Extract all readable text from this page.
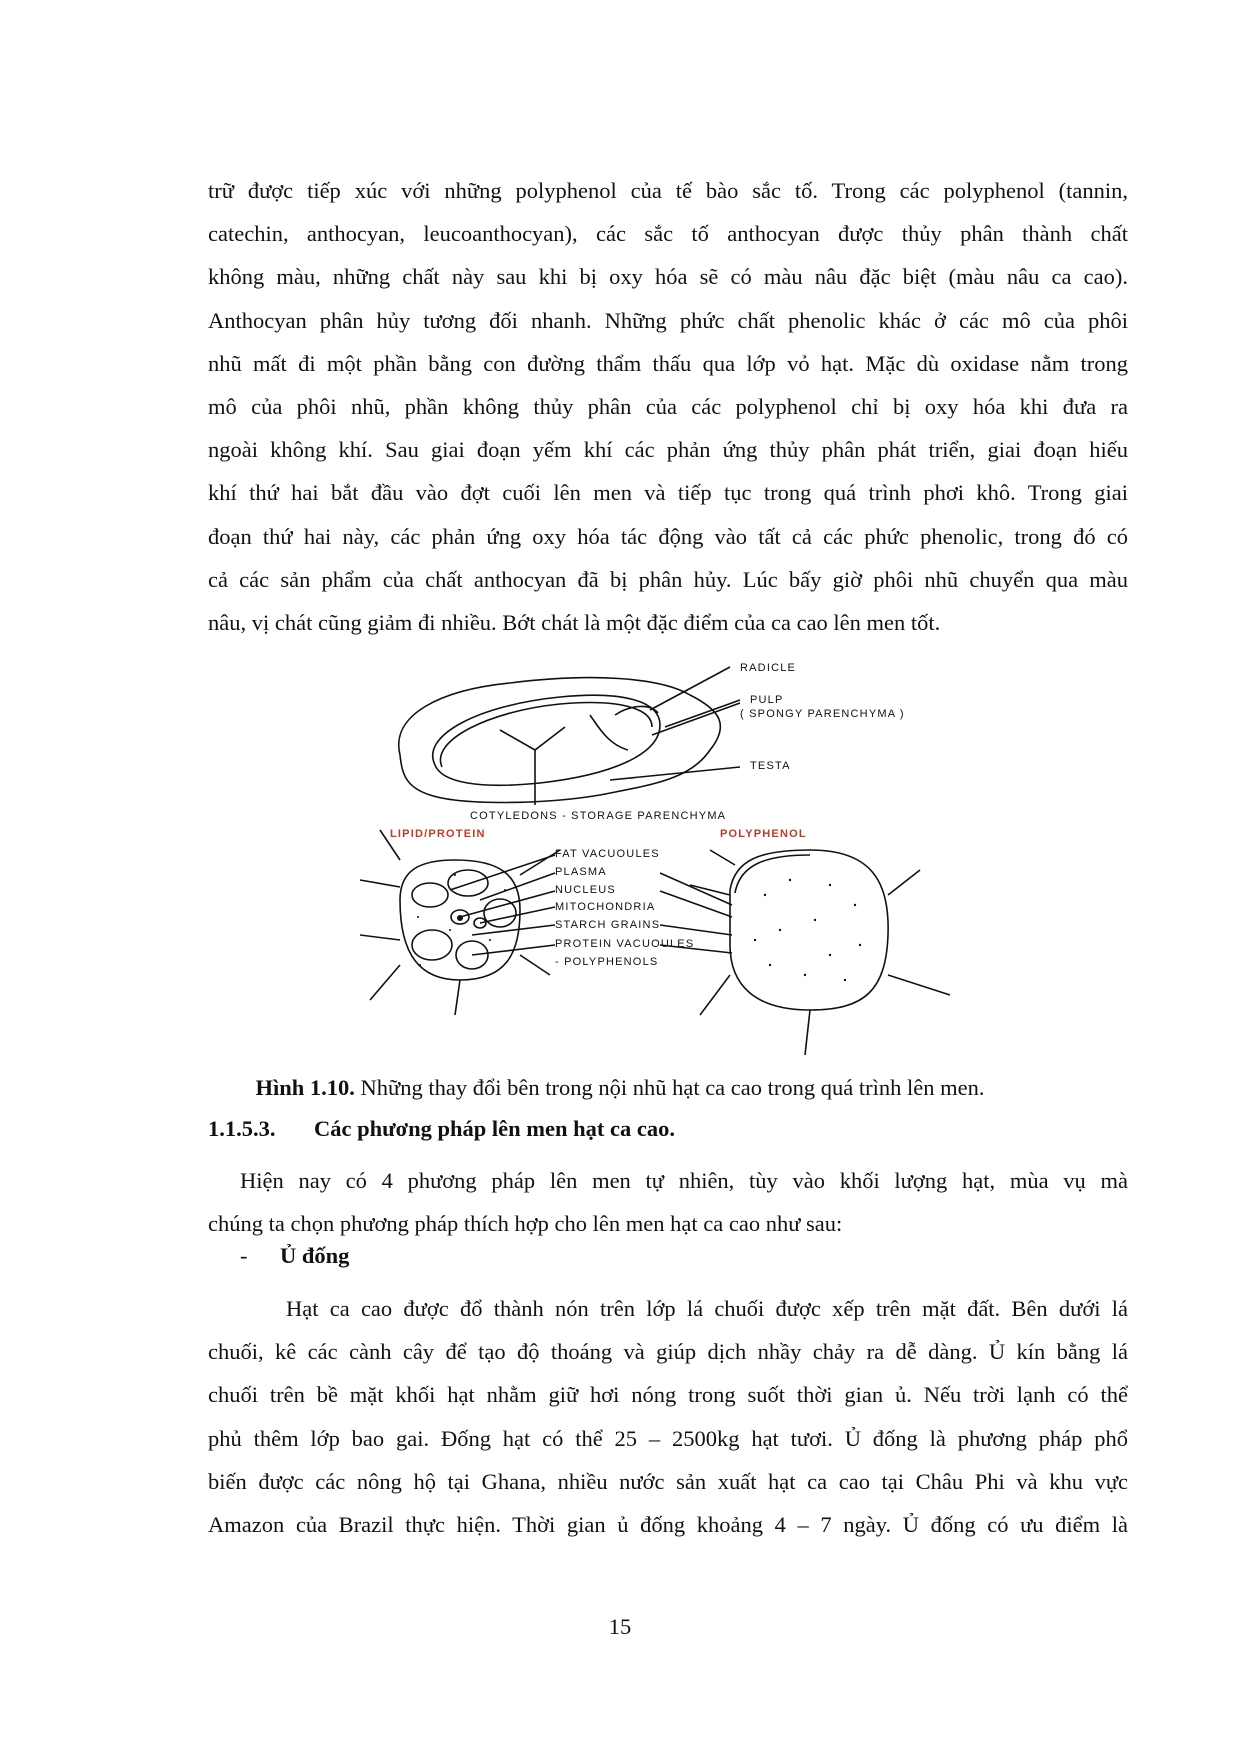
trữ được tiếp xúc với những polyphenol của tế bào sắc tố. Trong các polyphenol (tannin,
catechin, anthocyan, leucoanthocyan), các sắc tố anthocyan được thủy phân thành chất
không màu, những chất này sau khi bị oxy hóa sẽ có màu nâu đặc biệt (màu nâu ca cao).
Anthocyan phân hủy tương đối nhanh. Những phức chất phenolic khác ở các mô của phôi
nhũ mất đi một phần bằng con đường thẩm thấu qua lớp vỏ hạt. Mặc dù oxidase nằm trong
mô của phôi nhũ, phần không thủy phân của các polyphenol chỉ bị oxy hóa khi đưa ra
ngoài không khí. Sau giai đoạn yếm khí các phản ứng thủy phân phát triển, giai đoạn hiếu
khí thứ hai bắt đầu vào đợt cuối lên men và tiếp tục trong quá trình phơi khô. Trong giai
đoạn thứ hai này, các phản ứng oxy hóa tác động vào tất cả các phức phenolic, trong đó có
cả các sản phẩm của chất anthocyan đã bị phân hủy. Lúc bấy giờ phôi nhũ chuyển qua màu
nâu, vị chát cũng giảm đi nhiều. Bớt chát là một đặc điểm của ca cao lên men tốt.
RADICLE
PULP
( SPONGY PARENCHYMA )
TESTA
COTYLEDONS - STORAGE PARENCHYMA
LIPID/PROTEIN	POLYPHENOL
FAT VACUOULES
PLASMA
NUCLEUS
MITOCHONDRIA
STARCH GRAINS
PROTEIN VACUOULES
- POLYPHENOLS
Hình 1.10. Những thay đổi bên trong nội nhũ hạt ca cao trong quá trình lên men.
1.1.5.3. Các phương pháp lên men hạt ca cao.
Hiện nay có 4 phương pháp lên men tự nhiên, tùy vào khối lượng hạt, mùa vụ mà
chúng ta chọn phương pháp thích hợp cho lên men hạt ca cao như sau:
- Ủ đống
Hạt ca cao được đổ thành nón trên lớp lá chuối được xếp trên mặt đất. Bên dưới lá
chuối, kê các cành cây để tạo độ thoáng và giúp dịch nhầy chảy ra dễ dàng. Ủ kín bằng lá
chuối trên bề mặt khối hạt nhằm giữ hơi nóng trong suốt thời gian ủ. Nếu trời lạnh có thể
phủ thêm lớp bao gai. Đống hạt có thể 25 – 2500kg hạt tươi. Ủ đống là phương pháp phổ
biến được các nông hộ tại Ghana, nhiều nước sản xuất hạt ca cao tại Châu Phi và khu vực
Amazon của Brazil thực hiện. Thời gian ủ đống khoảng 4 – 7 ngày. Ủ đống có ưu điểm là
15
